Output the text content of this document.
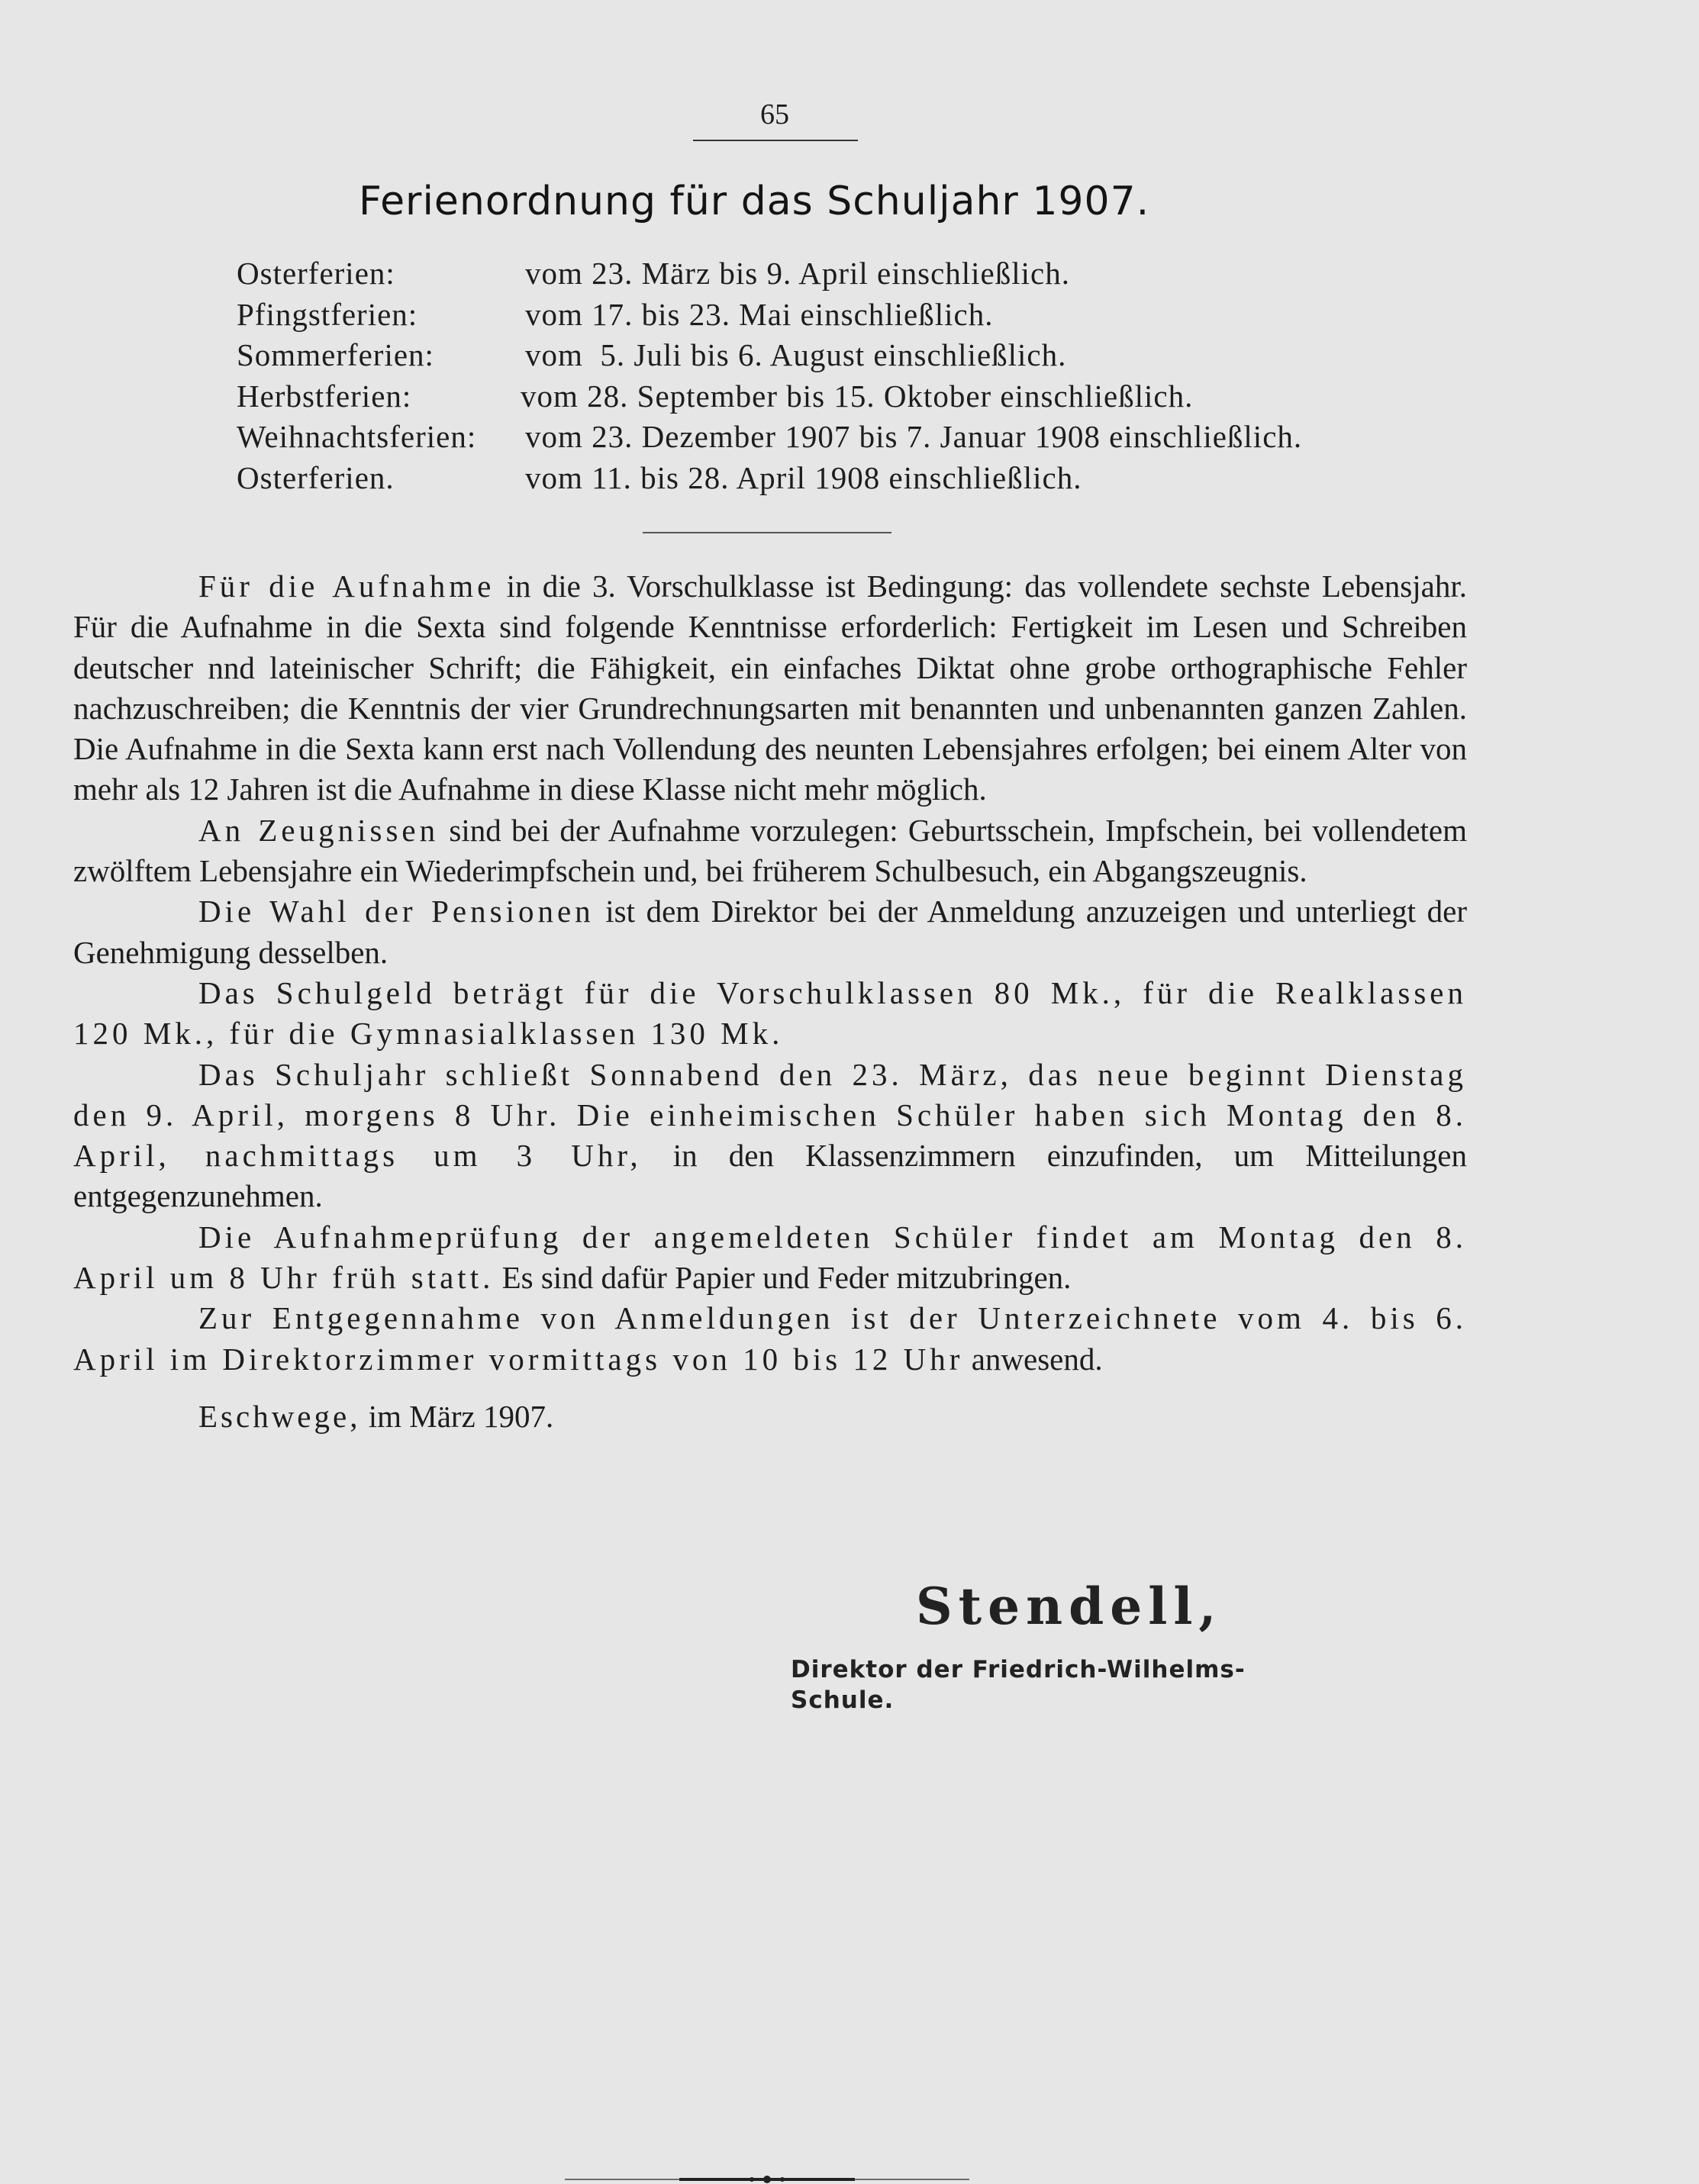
65
Ferienordnung für das Schuljahr 1907.
Osterferien:	vom 23. März bis 9. April einschließlich.
Pfingstferien:	vom 17. bis 23. Mai einschließlich.
Sommerferien:	vom  5. Juli bis 6. August einschließlich.
Herbstferien:	vom 28. September bis 15. Oktober einschließlich.
Weihnachtsferien: vom 23. Dezember 1907 bis 7. Januar 1908 einschließlich.
Osterferien.	vom 11. bis 28. April 1908 einschließlich.

Für die Aufnahme in die 3. Vorschulklasse ist Bedingung: das vollendete sechste Lebensjahr. Für die Aufnahme in die Sexta sind folgende Kenntnisse erforderlich: Fertigkeit im Lesen und Schreiben deutscher nnd lateinischer Schrift; die Fähigkeit, ein einfaches Diktat ohne grobe orthographische Fehler nachzuschreiben; die Kenntnis der vier Grundrechnungsarten mit benannten und unbenannten ganzen Zahlen. Die Aufnahme in die Sexta kann erst nach Vollendung des neunten Lebensjahres erfolgen; bei einem Alter von mehr als 12 Jahren ist die Aufnahme in diese Klasse nicht mehr möglich.

An Zeugnissen sind bei der Aufnahme vorzulegen: Geburtsschein, Impfschein, bei vollendetem zwölftem Lebensjahre ein Wiederimpfschein und, bei früherem Schulbesuch, ein Abgangszeugnis.

Die Wahl der Pensionen ist dem Direktor bei der Anmeldung anzuzeigen und unterliegt der Genehmigung desselben.

Das Schulgeld beträgt für die Vorschulklassen 80 Mk., für die Realklassen 120 Mk., für die Gymnasialklassen 130 Mk.

Das Schuljahr schließt Sonnabend den 23. März, das neue beginnt Dienstag den 9. April, morgens 8 Uhr. Die einheimischen Schüler haben sich Montag den 8. April, nachmittags um 3 Uhr, in den Klassenzimmern einzufinden, um Mitteilungen entgegenzunehmen.

Die Aufnahmeprüfung der angemeldeten Schüler findet am Montag den 8. April um 8 Uhr früh statt. Es sind dafür Papier und Feder mitzubringen.

Zur Entgegennahme von Anmeldungen ist der Unterzeichnete vom 4. bis 6. April im Direktorzimmer vormittags von 10 bis 12 Uhr anwesend.

Eschwege, im März 1907.

Stendell,
Direktor der Friedrich-Wilhelms-Schule.
